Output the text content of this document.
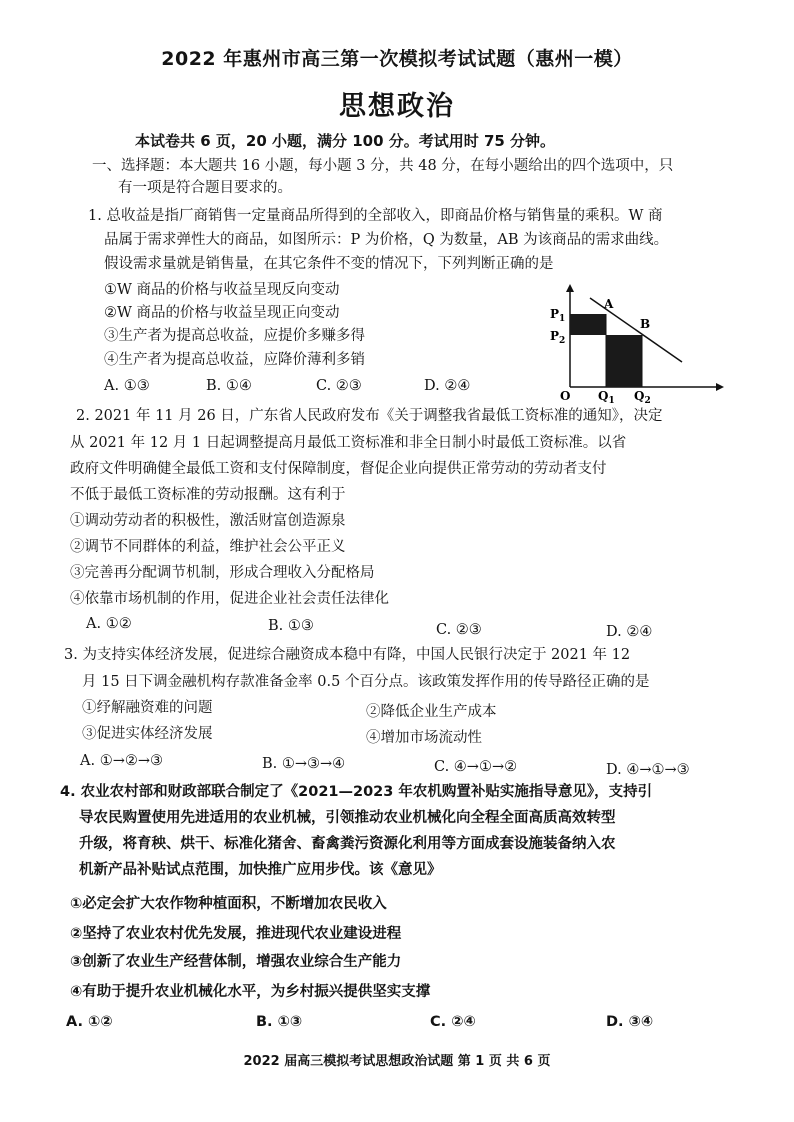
2022 年惠州市高三第一次模拟考试试题（惠州一模）
思想政治
本试卷共 6 页，20 小题，满分 100 分。考试用时 75 分钟。
一、选择题：本大题共 16 小题，每小题 3 分，共 48 分，在每小题给出的四个选项中，只
有一项是符合题目要求的。
1. 总收益是指厂商销售一定量商品所得到的全部收入，即商品价格与销售量的乘积。W 商
品属于需求弹性大的商品，如图所示：P 为价格，Q 为数量，AB 为该商品的需求曲线。
假设需求量就是销售量，在其它条件不变的情况下，下列判断正确的是
①W 商品的价格与收益呈现反向变动
②W 商品的价格与收益呈现正向变动
③生产者为提高总收益，应提价多赚多得
④生产者为提高总收益，应降价薄利多销
A. ①③	B. ①④	C. ②③	D. ②④
$P_1$
$P_2$
A
B
O $Q_1$ $Q_2$
2. 2021 年 11 月 26 日，广东省人民政府发布《关于调整我省最低工资标准的通知》，决定
从 2021 年 12 月 1 日起调整提高月最低工资标准和非全日制小时最低工资标准。以省
政府文件明确健全最低工资和支付保障制度，督促企业向提供正常劳动的劳动者支付
不低于最低工资标准的劳动报酬。这有利于
①调动劳动者的积极性，激活财富创造源泉
②调节不同群体的利益，维护社会公平正义
③完善再分配调节机制，形成合理收入分配格局
④依靠市场机制的作用，促进企业社会责任法律化
A. ①②	B. ①③	C. ②③	D. ②④
3. 为支持实体经济发展，促进综合融资成本稳中有降，中国人民银行决定于 2021 年 12
月 15 日下调金融机构存款准备金率 0.5 个百分点。该政策发挥作用的传导路径正确的是
①纾解融资难的问题	②降低企业生产成本
③促进实体经济发展	④增加市场流动性
A. ①→②→③	B. ①→③→④	C. ④→①→②	D. ④→①→③
4. 农业农村部和财政部联合制定了《2021—2023 年农机购置补贴实施指导意见》，支持引
导农民购置使用先进适用的农业机械，引领推动农业机械化向全程全面高质高效转型
升级，将育秧、烘干、标准化猪舍、畜禽粪污资源化利用等方面成套设施装备纳入农
机新产品补贴试点范围，加快推广应用步伐。该《意见》
①必定会扩大农作物种植面积，不断增加农民收入
②坚持了农业农村优先发展，推进现代农业建设进程
③创新了农业生产经营体制，增强农业综合生产能力
④有助于提升农业机械化水平，为乡村振兴提供坚实支撑
A. ①②	B. ①③	C. ②④	D. ③④
2022 届高三模拟考试思想政治试题 第 1 页 共 6 页
